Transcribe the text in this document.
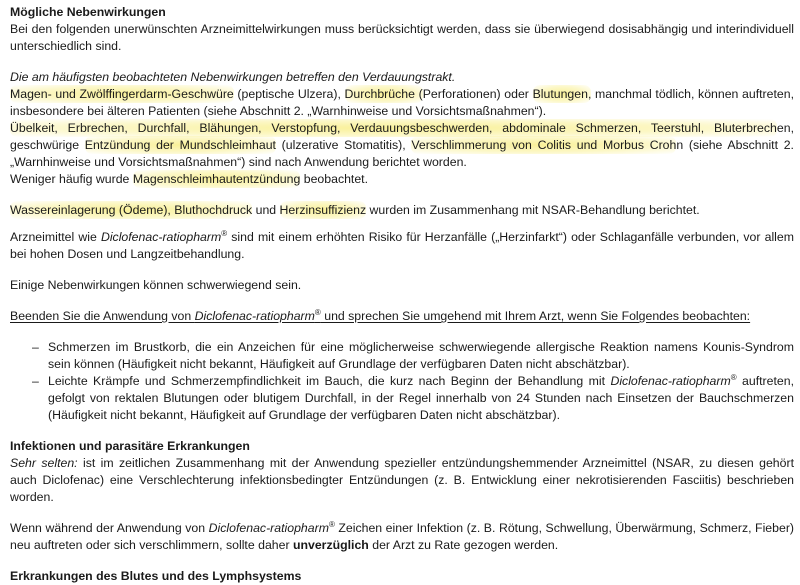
Mögliche Nebenwirkungen

Bei den folgenden unerwünschten Arzneimittelwirkungen muss berücksichtigt werden, dass sie überwiegend dosisabhängig und interindividuell unterschiedlich sind.

Die am häufigsten beobachteten Nebenwirkungen betreffen den Verdauungstrakt.

Magen- und Zwölffingerdarm-Geschwüre (peptische Ulzera), Durchbrüche (Perforationen) oder Blutungen, manchmal tödlich, können auftreten, insbesondere bei älteren Patienten (siehe Abschnitt 2. „Warnhinweise und Vorsichtsmaßnahmen“).
Übelkeit, Erbrechen, Durchfall, Blähungen, Verstopfung, Verdauungsbeschwerden, abdominale Schmerzen, Teerstuhl, Bluterbrechen, geschwürige Entzündung der Mundschleimhaut (ulzerative Stomatitis), Verschlimmerung von Colitis und Morbus Crohn (siehe Abschnitt 2. „Warnhinweise und Vorsichtsmaßnahmen“) sind nach Anwendung berichtet worden.
Weniger häufig wurde Magenschleimhautentzündung beobachtet.

Wassereinlagerung (Ödeme), Bluthochdruck und Herzinsuffizienz wurden im Zusammenhang mit NSAR-Behandlung berichtet.

Arzneimittel wie Diclofenac-ratiopharm® sind mit einem erhöhten Risiko für Herzanfälle („Herzinfarkt“) oder Schlaganfälle verbunden, vor allem bei hohen Dosen und Langzeitbehandlung.

Einige Nebenwirkungen können schwerwiegend sein.

Beenden Sie die Anwendung von Diclofenac-ratiopharm® und sprechen Sie umgehend mit Ihrem Arzt, wenn Sie Folgendes beobachten:

– Schmerzen im Brustkorb, die ein Anzeichen für eine möglicherweise schwerwiegende allergische Reaktion namens Kounis-Syndrom sein können (Häufigkeit nicht bekannt, Häufigkeit auf Grundlage der verfügbaren Daten nicht abschätzbar).
– Leichte Krämpfe und Schmerzempfindlichkeit im Bauch, die kurz nach Beginn der Behandlung mit Diclofenac-ratiopharm® auftreten, gefolgt von rektalen Blutungen oder blutigem Durchfall, in der Regel innerhalb von 24 Stunden nach Einsetzen der Bauchschmerzen (Häufigkeit nicht bekannt, Häufigkeit auf Grundlage der verfügbaren Daten nicht abschätzbar).

Infektionen und parasitäre Erkrankungen

Sehr selten: ist im zeitlichen Zusammenhang mit der Anwendung spezieller entzündungshemmender Arzneimittel (NSAR, zu diesen gehört auch Diclofenac) eine Verschlechterung infektionsbedingter Entzündungen (z. B. Entwicklung einer nekrotisierenden Fasciitis) beschrieben worden.

Wenn während der Anwendung von Diclofenac-ratiopharm® Zeichen einer Infektion (z. B. Rötung, Schwellung, Überwärmung, Schmerz, Fieber) neu auftreten oder sich verschlimmern, sollte daher unverzüglich der Arzt zu Rate gezogen werden.

Erkrankungen des Blutes und des Lymphsystems
